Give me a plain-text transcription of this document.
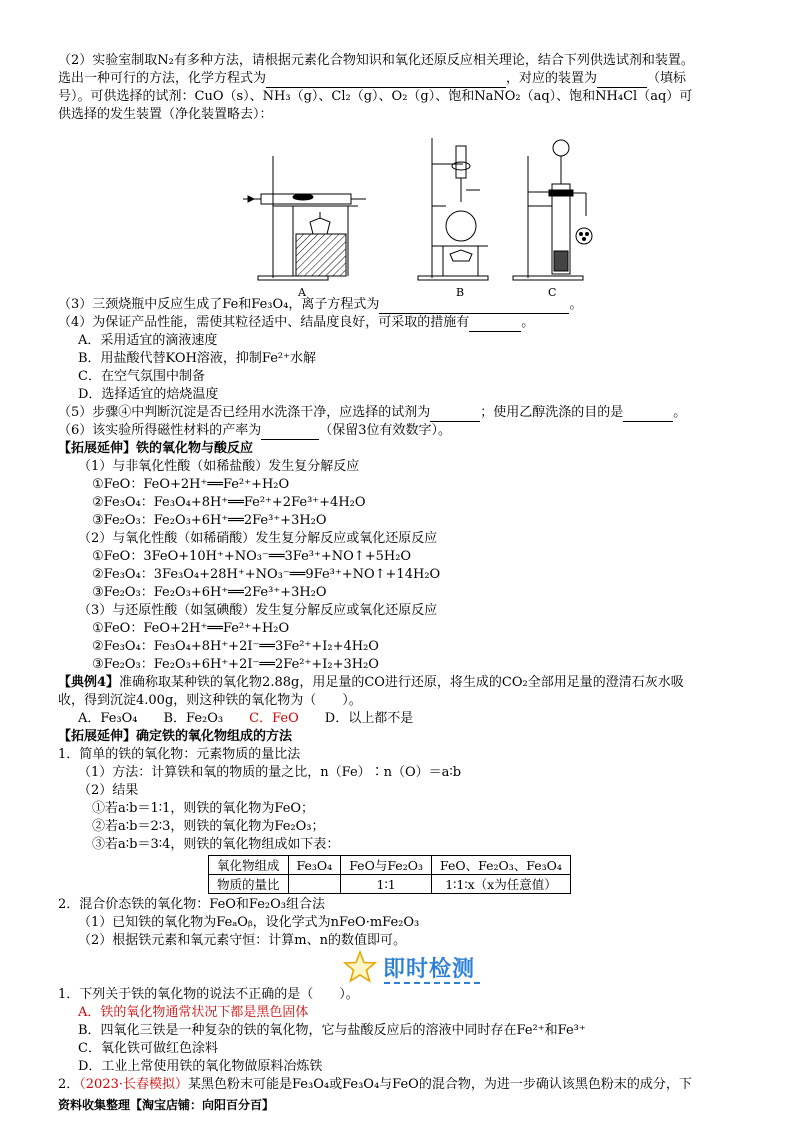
（2）实验室制取N₂有多种方法，请根据元素化合物知识和氧化还原反应相关理论，结合下列供选试剂和装置。

选出一种可行的方法，化学方程式为	，对应的装置为	（填标

号）。可供选择的试剂：CuO（s）、NH₃（g）、Cl₂（g）、O₂（g）、饱和NaNO₂（aq）、饱和NH₄Cl（aq）可

供选择的发生装置（净化装置略去）：

A	B	C

（3）三颈烧瓶中反应生成了Fe和Fe₃O₄，离子方程式为	。

（4）为保证产品性能，需使其粒径适中、结晶度良好，可采取的措施有	。

A．采用适宜的滴液速度

B．用盐酸代替KOH溶液，抑制Fe²⁺水解

C．在空气氛围中制备

D．选择适宜的焙烧温度

（5）步骤④中判断沉淀是否已经用水洗涤干净，应选择的试剂为	；使用乙醇洗涤的目的是	。

（6）该实验所得磁性材料的产率为	（保留3位有效数字）。

【拓展延伸】铁的氧化物与酸反应

（1）与非氧化性酸（如稀盐酸）发生复分解反应

①FeO：FeO+2H⁺══Fe²⁺+H₂O

②Fe₃O₄：Fe₃O₄+8H⁺══Fe²⁺+2Fe³⁺+4H₂O

③Fe₂O₃：Fe₂O₃+6H⁺══2Fe³⁺+3H₂O

（2）与氧化性酸（如稀硝酸）发生复分解反应或氧化还原反应

①FeO：3FeO+10H⁺+NO₃⁻══3Fe³⁺+NO↑+5H₂O

②Fe₃O₄：3Fe₃O₄+28H⁺+NO₃⁻══9Fe³⁺+NO↑+14H₂O

③Fe₂O₃：Fe₂O₃+6H⁺══2Fe³⁺+3H₂O

（3）与还原性酸（如氢碘酸）发生复分解反应或氧化还原反应

①FeO：FeO+2H⁺══Fe²⁺+H₂O

②Fe₃O₄：Fe₃O₄+8H⁺+2I⁻══3Fe²⁺+I₂+4H₂O

③Fe₂O₃：Fe₂O₃+6H⁺+2I⁻══2Fe²⁺+I₂+3H₂O

【典例4】准确称取某种铁的氧化物2.88g，用足量的CO进行还原，将生成的CO₂全部用足量的澄清石灰水吸

收，得到沉淀4.00g，则这种铁的氧化物为（　　）。

A．Fe₃O₄　　 B．Fe₂O₃　　 C．FeO　　 D．以上都不是

【拓展延伸】确定铁的氧化物组成的方法

1．简单的铁的氧化物：元素物质的量比法

（1）方法：计算铁和氧的物质的量之比，n（Fe）∶n（O）＝a∶b

（2）结果

①若a∶b＝1∶1，则铁的氧化物为FeO；

②若a∶b＝2∶3，则铁的氧化物为Fe₂O₃；

③若a∶b＝3∶4，则铁的氧化物组成如下表：

氧化物组成	Fe₃O₄	FeO与Fe₂O₃	FeO、Fe₂O₃、Fe₃O₄
物质的量比		1∶1	1∶1∶x（x为任意值）

2．混合价态铁的氧化物：FeO和Fe₂O₃组合法

（1）已知铁的氧化物为FeₐOᵦ，设化学式为nFeO·mFe₂O₃

（2）根据铁元素和氧元素守恒：计算m、n的数值即可。

即时检测

1．下列关于铁的氧化物的说法不正确的是（　　）。

A．铁的氧化物通常状况下都是黑色固体

B．四氧化三铁是一种复杂的铁的氧化物，它与盐酸反应后的溶液中同时存在Fe²⁺和Fe³⁺

C．氧化铁可做红色涂料

D．工业上常使用铁的氧化物做原料冶炼铁

2．（2023·长春模拟）某黑色粉末可能是Fe₃O₄或Fe₃O₄与FeO的混合物，为进一步确认该黑色粉末的成分，下

资料收集整理【淘宝店铺：向阳百分百】
